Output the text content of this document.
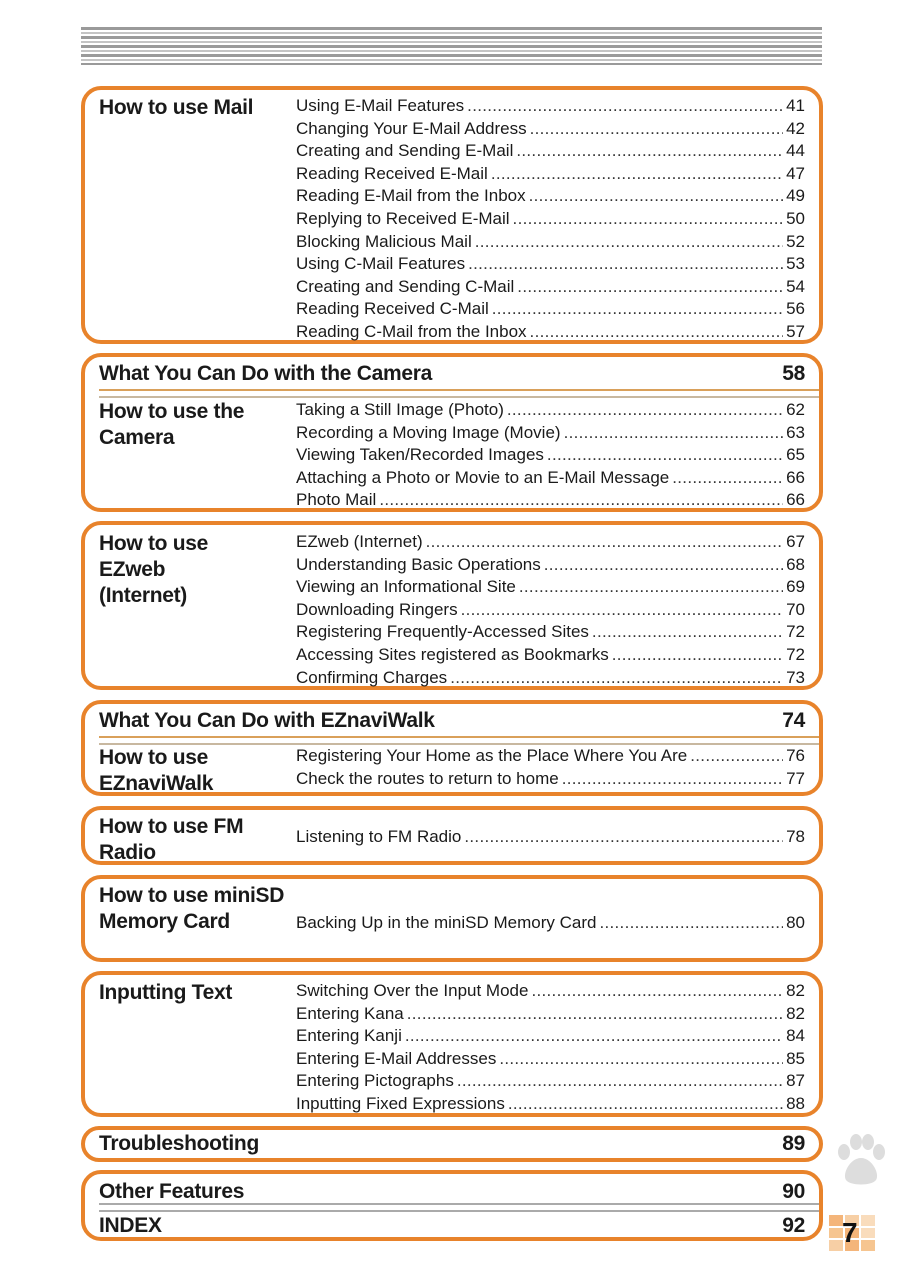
How to use Mail	Using E-Mail Features .....	41
Changing Your E-Mail Address .....	42
Creating and Sending E-Mail .....	44
Reading Received E-Mail .....	47
Reading E-Mail from the Inbox .....	49
Replying to Received E-Mail .....	50
Blocking Malicious Mail .....	52
Using C-Mail Features .....	53
Creating and Sending C-Mail .....	54
Reading Received C-Mail .....	56
Reading C-Mail from the Inbox .....	57
What You Can Do with the Camera	58
How to use the Camera
Taking a Still Image (Photo) .....	62
Recording a Moving Image (Movie) .....	63
Viewing Taken/Recorded Images .....	65
Attaching a Photo or Movie to an E-Mail Message .....	66
Photo Mail .....	66
How to use EZweb (Internet)
EZweb (Internet) .....	67
Understanding Basic Operations .....	68
Viewing an Informational Site .....	69
Downloading Ringers .....	70
Registering Frequently-Accessed Sites .....	72
Accessing Sites registered as Bookmarks .....	72
Confirming Charges .....	73
What You Can Do with EZnaviWalk	74
How to use EZnaviWalk
Registering Your Home as the Place Where You Are .....	76
Check the routes to return to home .....	77
How to use FM Radio
Listening to FM Radio .....	78
How to use miniSD Memory Card	Backing Up in the miniSD Memory Card .....	80
Inputting Text	Switching Over the Input Mode .....	82
Entering Kana .....	82
Entering Kanji .....	84
Entering E-Mail Addresses .....	85
Entering Pictographs .....	87
Inputting Fixed Expressions .....	88
Troubleshooting	89
Other Features	90
INDEX	92 7
